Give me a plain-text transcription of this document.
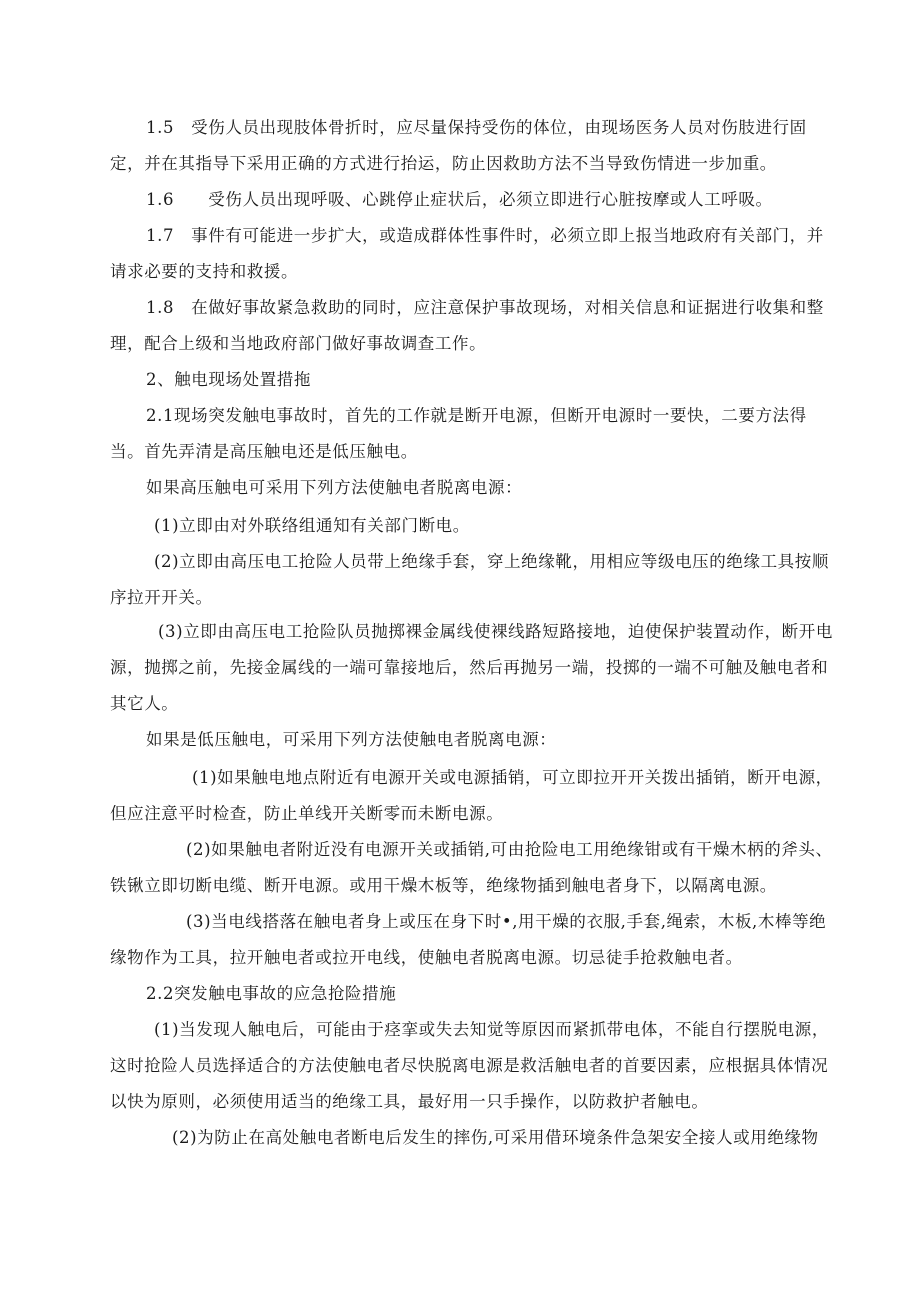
1.5　受伤人员出现肢体骨折时，应尽量保持受伤的体位，由现场医务人员对伤肢进行固定，并在其指导下采用正确的方式进行抬运，防止因救助方法不当导致伤情进一步加重。

1.6　　受伤人员出现呼吸、心跳停止症状后，必须立即进行心脏按摩或人工呼吸。

1.7　事件有可能进一步扩大，或造成群体性事件时，必须立即上报当地政府有关部门，并请求必要的支持和救援。

1.8　在做好事故紧急救助的同时，应注意保护事故现场，对相关信息和证据进行收集和整理，配合上级和当地政府部门做好事故调查工作。

2、触电现场处置措拖

2.1现场突发触电事故时，首先的工作就是断开电源，但断开电源时一要快，二要方法得当。首先弄清是高压触电还是低压触电。

如果高压触电可采用下列方法使触电者脱离电源：

(1)立即由对外联络组通知有关部门断电。

(2)立即由高压电工抢险人员带上绝缘手套，穿上绝缘靴，用相应等级电压的绝缘工具按顺序拉开开关。

(3)立即由高压电工抢险队员抛掷裸金属线使裸线路短路接地，迫使保护装置动作，断开电源，抛掷之前，先接金属线的一端可靠接地后，然后再抛另一端，投掷的一端不可触及触电者和其它人。

如果是低压触电，可采用下列方法使触电者脱离电源：

(1)如果触电地点附近有电源开关或电源插销，可立即拉开开关拨出插销，断开电源，但应注意平时检查，防止单线开关断零而未断电源。

(2)如果触电者附近没有电源开关或插销,可由抢险电工用绝缘钳或有干燥木柄的斧头、铁锹立即切断电缆、断开电源。或用干燥木板等，绝缘物插到触电者身下，以隔离电源。

(3)当电线搭落在触电者身上或压在身下时•,用干燥的衣服,手套,绳索，木板,木棒等绝缘物作为工具，拉开触电者或拉开电线，使触电者脱离电源。切忌徒手抢救触电者。

2.2突发触电事故的应急抢险措施

(1)当发现人触电后，可能由于痉挛或失去知觉等原因而紧抓带电体，不能自行摆脱电源，这时抢险人员选择适合的方法使触电者尽快脱离电源是救活触电者的首要因素，应根据具体情况以快为原则，必须使用适当的绝缘工具，最好用一只手操作，以防救护者触电。

(2)为防止在高处触电者断电后发生的摔伤,可采用借环境条件急架安全接人或用绝缘物
